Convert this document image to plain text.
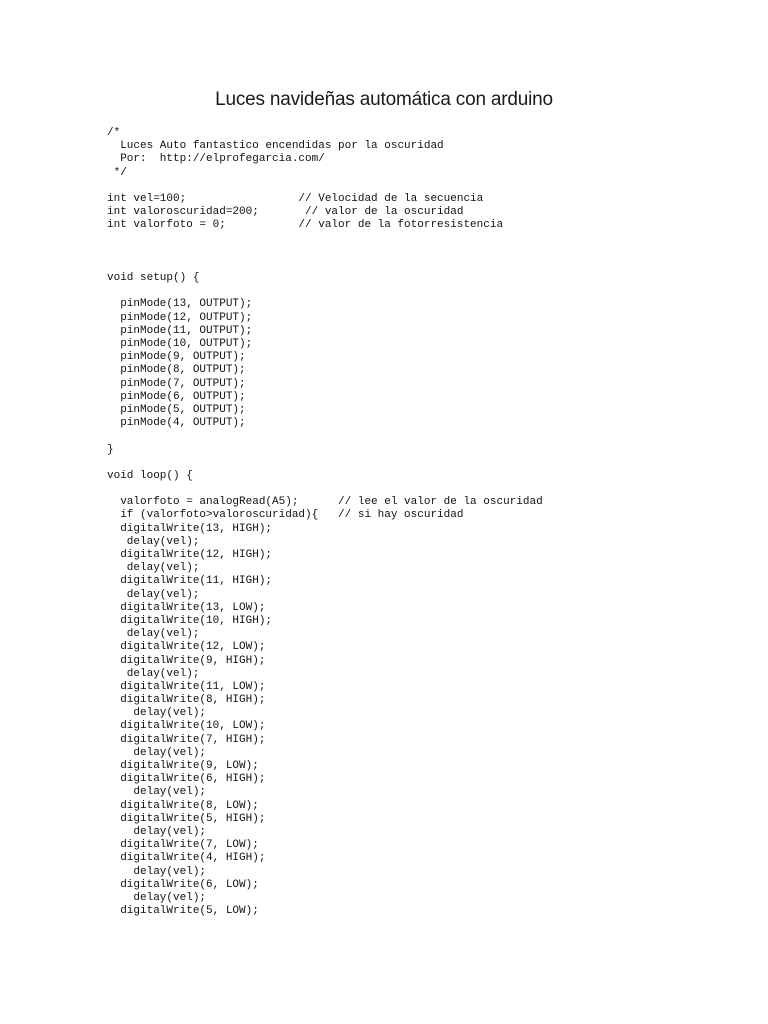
Luces navideñas automática con arduino
/*
Luces Auto fantastico encendidas por la oscuridad
Por:  http://elprofegarcia.com/
*/
int vel=100;                 // Velocidad de la secuencia
int valoroscuridad=200;       // valor de la oscuridad
int valorfoto = 0;           // valor de la fotorresistencia
void setup() {
pinMode(13, OUTPUT);
pinMode(12, OUTPUT);
pinMode(11, OUTPUT);
pinMode(10, OUTPUT);
pinMode(9, OUTPUT);
pinMode(8, OUTPUT);
pinMode(7, OUTPUT);
pinMode(6, OUTPUT);
pinMode(5, OUTPUT);
pinMode(4, OUTPUT);
}
void loop() {
valorfoto = analogRead(A5);      // lee el valor de la oscuridad
if (valorfoto>valoroscuridad){   // si hay oscuridad
digitalWrite(13, HIGH);
delay(vel);
digitalWrite(12, HIGH);
delay(vel);
digitalWrite(11, HIGH);
delay(vel);
digitalWrite(13, LOW);
digitalWrite(10, HIGH);
delay(vel);
digitalWrite(12, LOW);
digitalWrite(9, HIGH);
delay(vel);
digitalWrite(11, LOW);
digitalWrite(8, HIGH);
delay(vel);
digitalWrite(10, LOW);
digitalWrite(7, HIGH);
delay(vel);
digitalWrite(9, LOW);
digitalWrite(6, HIGH);
delay(vel);
digitalWrite(8, LOW);
digitalWrite(5, HIGH);
delay(vel);
digitalWrite(7, LOW);
digitalWrite(4, HIGH);
delay(vel);
digitalWrite(6, LOW);
delay(vel);
digitalWrite(5, LOW);
